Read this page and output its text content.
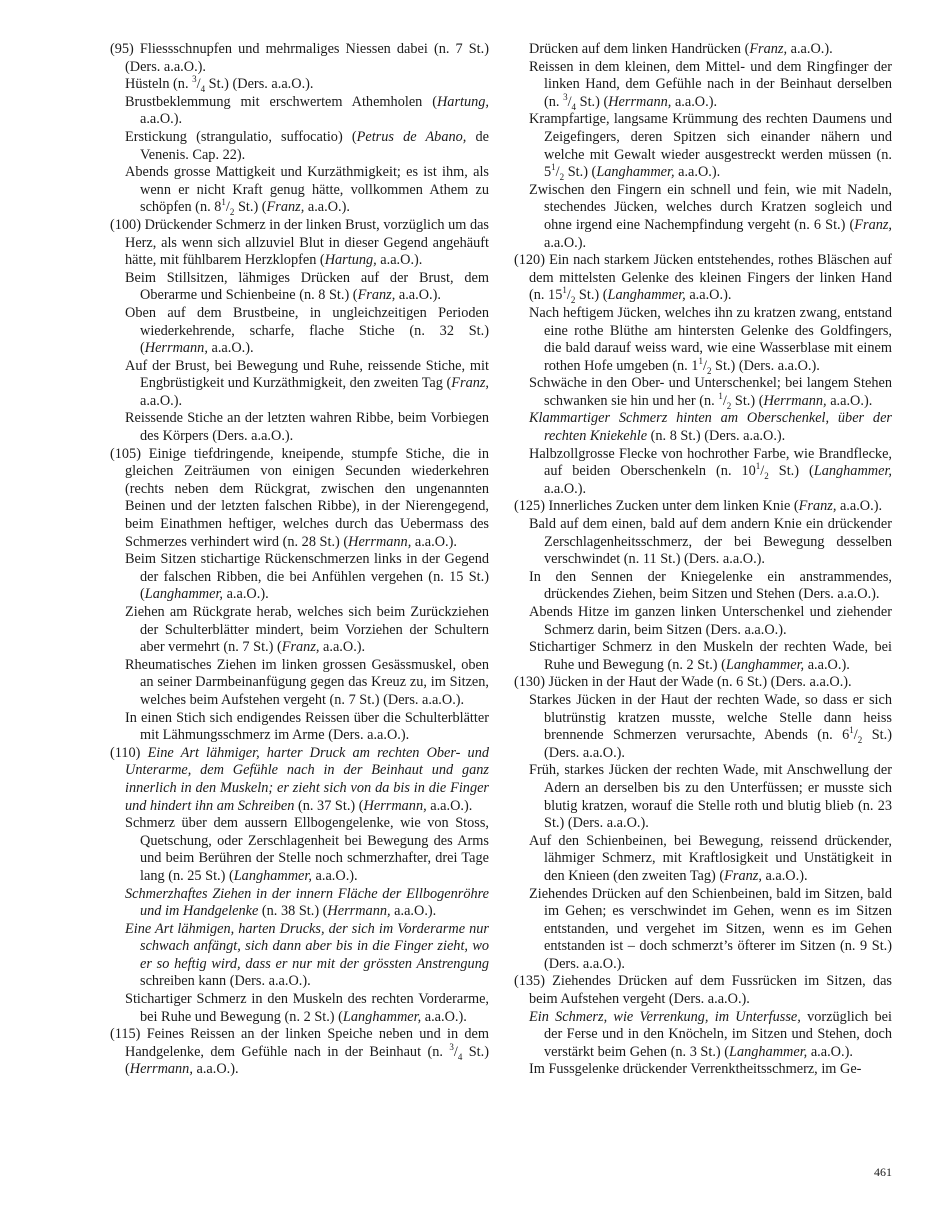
(95) Fliessschnupfen und mehrmaliges Niessen dabei (n. 7 St.) (Ders. a.a.O.).

Hüsteln (n. $^3/_4$ St.) (Ders. a.a.O.).

Brustbeklemmung mit erschwertem Athemholen (Hartung, a.a.O.).

Erstickung (strangulatio, suffocatio) (Petrus de Abano, de Venenis. Cap. 22).

Abends grosse Mattigkeit und Kurzäthmigkeit; es ist ihm, als wenn er nicht Kraft genug hätte, vollkommen Athem zu schöpfen (n. $8^1/_2$ St.) (Franz, a.a.O.).

(100) Drückender Schmerz in der linken Brust, vorzüglich um das Herz, als wenn sich allzuviel Blut in dieser Gegend angehäuft hätte, mit fühlbarem Herzklopfen (Hartung, a.a.O.).

Beim Stillsitzen, lähmiges Drücken auf der Brust, dem Oberarme und Schienbeine (n. 8 St.) (Franz, a.a.O.).

Oben auf dem Brustbeine, in ungleichzeitigen Perioden wiederkehrende, scharfe, flache Stiche (n. 32 St.) (Herrmann, a.a.O.).

Auf der Brust, bei Bewegung und Ruhe, reissende Stiche, mit Engbrüstigkeit und Kurzäthmigkeit, den zweiten Tag (Franz, a.a.O.).

Reissende Stiche an der letzten wahren Ribbe, beim Vorbiegen des Körpers (Ders. a.a.O.).

(105) Einige tiefdringende, kneipende, stumpfe Stiche, die in gleichen Zeiträumen von einigen Secunden wiederkehren (rechts neben dem Rückgrat, zwischen den ungenannten Beinen und der letzten falschen Ribbe), in der Nierengegend, beim Einathmen heftiger, welches durch das Uebermass des Schmerzes verhindert wird (n. 28 St.) (Herrmann, a.a.O.).

Beim Sitzen stichartige Rückenschmerzen links in der Gegend der falschen Ribben, die bei Anfühlen vergehen (n. 15 St.) (Langhammer, a.a.O.).

Ziehen am Rückgrate herab, welches sich beim Zurückziehen der Schulterblätter mindert, beim Vorziehen der Schultern aber vermehrt (n. 7 St.) (Franz, a.a.O.).

Rheumatisches Ziehen im linken grossen Gesässmuskel, oben an seiner Darmbeinanfügung gegen das Kreuz zu, im Sitzen, welches beim Aufstehen vergeht (n. 7 St.) (Ders. a.a.O.).

In einen Stich sich endigendes Reissen über die Schulterblätter mit Lähmungsschmerz im Arme (Ders. a.a.O.).

(110) Eine Art lähmiger, harter Druck am rechten Ober- und Unterarme, dem Gefühle nach in der Beinhaut und ganz innerlich in den Muskeln; er zieht sich von da bis in die Finger und hindert ihn am Schreiben (n. 37 St.) (Herrmann, a.a.O.).

Schmerz über dem aussern Ellbogengelenke, wie von Stoss, Quetschung, oder Zerschlagenheit bei Bewegung des Arms und beim Berühren der Stelle noch schmerzhafter, drei Tage lang (n. 25 St.) (Langhammer, a.a.O.).

Schmerzhaftes Ziehen in der innern Fläche der Ellbogenröhre und im Handgelenke (n. 38 St.) (Herrmann, a.a.O.).

Eine Art lähmigen, harten Drucks, der sich im Vorderarme nur schwach anfängt, sich dann aber bis in die Finger zieht, wo er so heftig wird, dass er nur mit der grössten Anstrengung schreiben kann (Ders. a.a.O.).

Stichartiger Schmerz in den Muskeln des rechten Vorderarme, bei Ruhe und Bewegung (n. 2 St.) (Langhammer, a.a.O.).

(115) Feines Reissen an der linken Speiche neben und in dem Handgelenke, dem Gefühle nach in der Beinhaut (n. $^3/_4$ St.) (Herrmann, a.a.O.).

Drücken auf dem linken Handrücken (Franz, a.a.O.).

Reissen in dem kleinen, dem Mittel- und dem Ringfinger der linken Hand, dem Gefühle nach in der Beinhaut derselben (n. $^3/_4$ St.) (Herrmann, a.a.O.).

Krampfartige, langsame Krümmung des rechten Daumens und Zeigefingers, deren Spitzen sich einander nähern und welche mit Gewalt wieder ausgestreckt werden müssen (n. $5^1/_2$ St.) (Langhammer, a.a.O.).

Zwischen den Fingern ein schnell und fein, wie mit Nadeln, stechendes Jücken, welches durch Kratzen sogleich und ohne irgend eine Nachempfindung vergeht (n. 6 St.) (Franz, a.a.O.).

(120) Ein nach starkem Jücken entstehendes, rothes Bläschen auf dem mittelsten Gelenke des kleinen Fingers der linken Hand (n. $15^1/_2$ St.) (Langhammer, a.a.O.).

Nach heftigem Jücken, welches ihn zu kratzen zwang, entstand eine rothe Blüthe am hintersten Gelenke des Goldfingers, die bald darauf weiss ward, wie eine Wasserblase mit einem rothen Hofe umgeben (n. $1^1/_2$ St.) (Ders. a.a.O.).

Schwäche in den Ober- und Unterschenkel; bei langem Stehen schwanken sie hin und her (n. $^1/_2$ St.) (Herrmann, a.a.O.).

Klammartiger Schmerz hinten am Oberschenkel, über der rechten Kniekehle (n. 8 St.) (Ders. a.a.O.).

Halbzollgrosse Flecke von hochrother Farbe, wie Brandflecke, auf beiden Oberschenkeln (n. $10^1/_2$ St.) (Langhammer, a.a.O.).

(125) Innerliches Zucken unter dem linken Knie (Franz, a.a.O.).

Bald auf dem einen, bald auf dem andern Knie ein drückender Zerschlagenheitsschmerz, der bei Bewegung desselben verschwindet (n. 11 St.) (Ders. a.a.O.).

In den Sennen der Kniegelenke ein anstrammendes, drückendes Ziehen, beim Sitzen und Stehen (Ders. a.a.O.).

Abends Hitze im ganzen linken Unterschenkel und ziehender Schmerz darin, beim Sitzen (Ders. a.a.O.).

Stichartiger Schmerz in den Muskeln der rechten Wade, bei Ruhe und Bewegung (n. 2 St.) (Langhammer, a.a.O.).

(130) Jücken in der Haut der Wade (n. 6 St.) (Ders. a.a.O.).

Starkes Jücken in der Haut der rechten Wade, so dass er sich blutrünstig kratzen musste, welche Stelle dann heiss brennende Schmerzen verursachte, Abends (n. $6^1/_2$ St.) (Ders. a.a.O.).

Früh, starkes Jücken der rechten Wade, mit Anschwellung der Adern an derselben bis zu den Unterfüssen; er musste sich blutig kratzen, worauf die Stelle roth und blutig blieb (n. 23 St.) (Ders. a.a.O.).

Auf den Schienbeinen, bei Bewegung, reissend drückender, lähmiger Schmerz, mit Kraftlosigkeit und Unstätigkeit in den Knieen (den zweiten Tag) (Franz, a.a.O.).

Ziehendes Drücken auf den Schienbeinen, bald im Sitzen, bald im Gehen; es verschwindet im Gehen, wenn es im Sitzen entstanden, und vergehet im Sitzen, wenn es im Gehen entstanden ist – doch schmerzt’s öfterer im Sitzen (n. 9 St.) (Ders. a.a.O.).

(135) Ziehendes Drücken auf dem Fussrücken im Sitzen, das beim Aufstehen vergeht (Ders. a.a.O.).

Ein Schmerz, wie Verrenkung, im Unterfusse, vorzüglich bei der Ferse und in den Knöcheln, im Sitzen und Stehen, doch verstärkt beim Gehen (n. 3 St.) (Langhammer, a.a.O.).

Im Fussgelenke drückender Verrenktheitsschmerz, im Ge-

461
